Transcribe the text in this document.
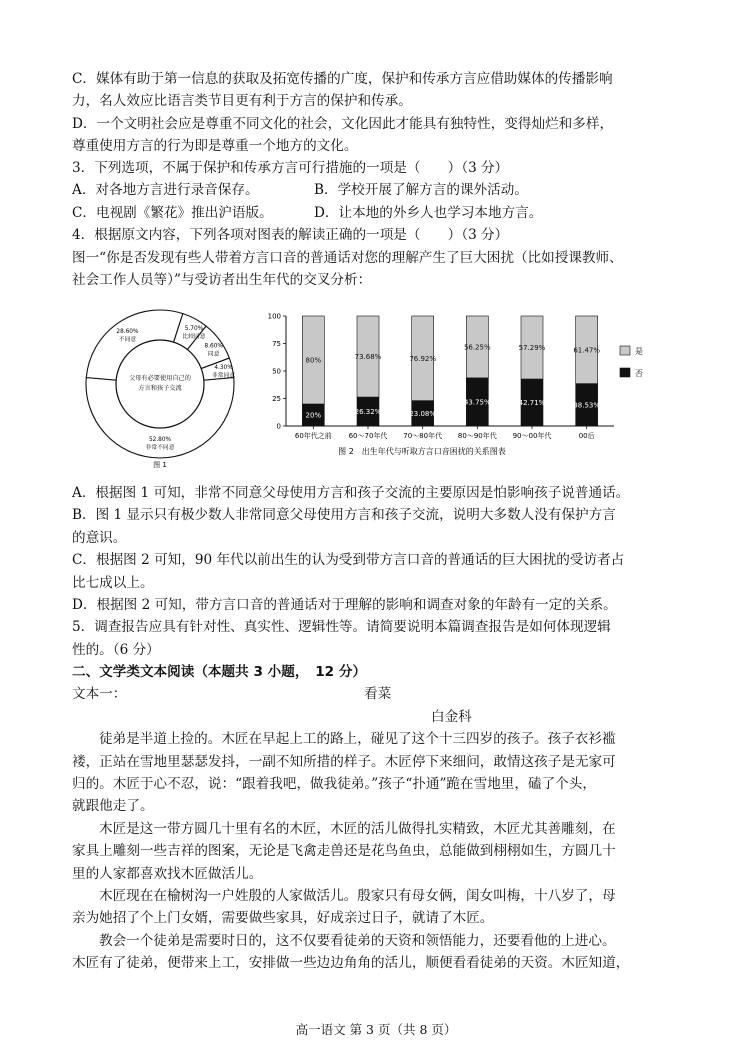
C．媒体有助于第一信息的获取及拓宽传播的广度，保护和传承方言应借助媒体的传播影响
力，名人效应比语言类节目更有利于方言的保护和传承。
D．一个文明社会应是尊重不同文化的社会，文化因此才能具有独特性，变得灿烂和多样，
尊重使用方言的行为即是尊重一个地方的文化。
3．下列选项，不属于保护和传承方言可行措施的一项是（　　）（3 分）
A．对各地方言进行录音保存。	B．学校开展了解方言的课外活动。
C．电视剧《繁花》推出沪语版。	D．让本地的外乡人也学习本地方言。
4．根据原文内容，下列各项对图表的解读正确的一项是（　　）（3 分）
图一“你是否发现有些人带着方言口音的普通话对您的理解产生了巨大困扰（比如授课教师、
社会工作人员等）”与受访者出生年代的交叉分析：
父母有必要使用自己的
方言和孩子交流
52.80%
非常不同意
28.60%
不同意
5.70%
比较同意
8.60%
同意
4.30%
非常同意
图 1
0
25
50
75
100
60年代之前 60～70年代 70～80年代 80～90年代 90～00年代	00后
20%
80%
26.32%
73.68%
23.08%
76.92%
43.75%
56.25%
42.71%
57.29%
38.53%
61.47%	是
否
图 2　出生年代与听取方言口音困扰的关系图表
A．根据图 1 可知，非常不同意父母使用方言和孩子交流的主要原因是怕影响孩子说普通话。
B．图 1 显示只有极少数人非常同意父母使用方言和孩子交流，说明大多数人没有保护方言
的意识。
C．根据图 2 可知，90 年代以前出生的认为受到带方言口音的普通话的巨大困扰的受访者占
比七成以上。
D．根据图 2 可知，带方言口音的普通话对于理解的影响和调查对象的年龄有一定的关系。
5．调查报告应具有针对性、真实性、逻辑性等。请简要说明本篇调查报告是如何体现逻辑
性的。（6 分）
二、文学类文本阅读（本题共 3 小题，　12 分）
文本一：	看菜
白金科
徒弟是半道上捡的。木匠在早起上工的路上，碰见了这个十三四岁的孩子。孩子衣衫褴
褛，正站在雪地里瑟瑟发抖，一副不知所措的样子。木匠停下来细问，敢情这孩子是无家可
归的。木匠于心不忍，说：“跟着我吧，做我徒弟。”孩子“扑通”跪在雪地里，磕了个头，
就跟他走了。
木匠是这一带方圆几十里有名的木匠，木匠的活儿做得扎实精致，木匠尤其善雕刻，在
家具上雕刻一些吉祥的图案，无论是飞禽走兽还是花鸟鱼虫，总能做到栩栩如生，方圆几十
里的人家都喜欢找木匠做活儿。
木匠现在在榆树沟一户姓殷的人家做活儿。殷家只有母女俩，闺女叫梅，十八岁了，母
亲为她招了个上门女婿，需要做些家具，好成亲过日子，就请了木匠。
教会一个徒弟是需要时日的，这不仅要看徒弟的天资和领悟能力，还要看他的上进心。
木匠有了徒弟，便带来上工，安排做一些边边角角的活儿，顺便看看徒弟的天资。木匠知道，
高一语文 第 3 页（共 8 页）
